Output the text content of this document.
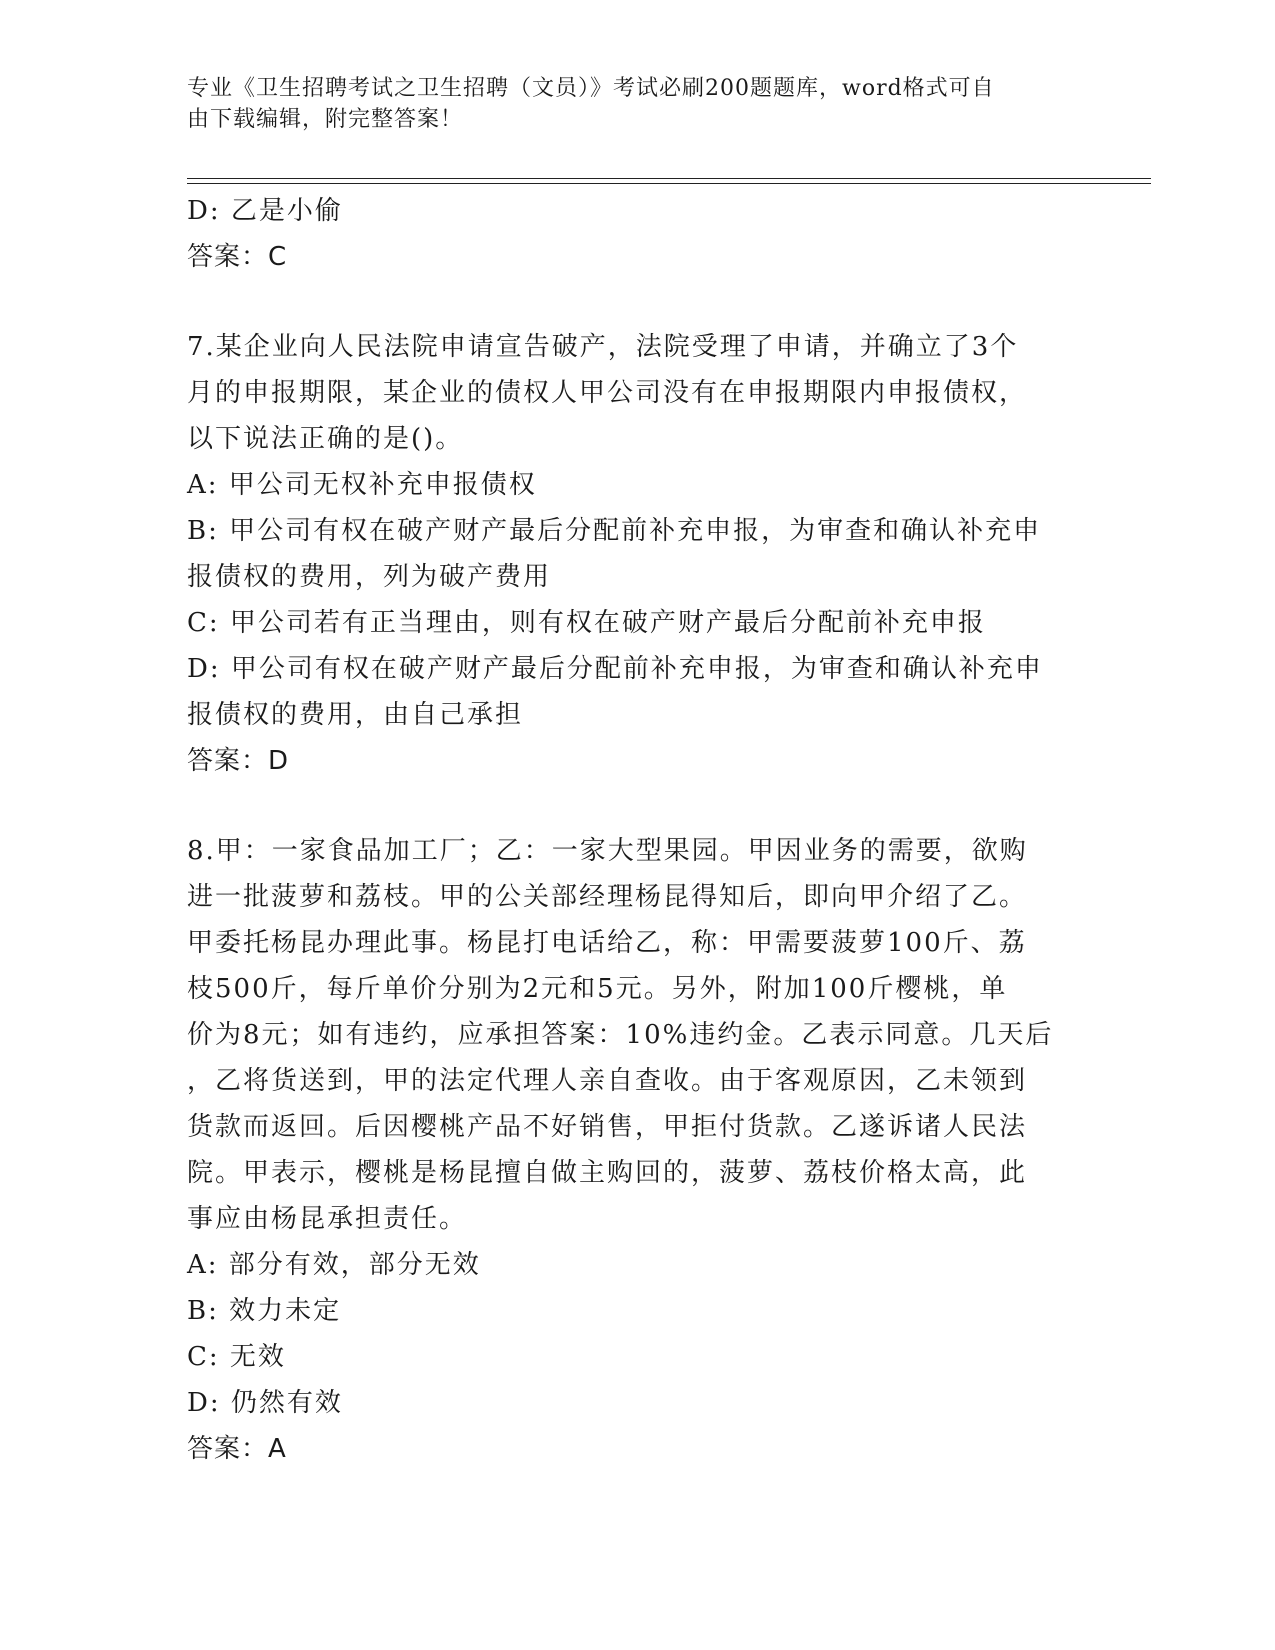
专业《卫生招聘考试之卫生招聘（文员）》考试必刷200题题库，word格式可自
由下载编辑，附完整答案！
D: 乙是小偷
答案：C
7.某企业向人民法院申请宣告破产，法院受理了申请，并确立了3个
月的申报期限，某企业的债权人甲公司没有在申报期限内申报债权，
以下说法正确的是()。
A: 甲公司无权补充申报债权
B: 甲公司有权在破产财产最后分配前补充申报，为审查和确认补充申
报债权的费用，列为破产费用
C: 甲公司若有正当理由，则有权在破产财产最后分配前补充申报
D: 甲公司有权在破产财产最后分配前补充申报，为审查和确认补充申
报债权的费用，由自己承担
答案：D
8.甲：一家食品加工厂；乙：一家大型果园。甲因业务的需要，欲购
进一批菠萝和荔枝。甲的公关部经理杨昆得知后，即向甲介绍了乙。
甲委托杨昆办理此事。杨昆打电话给乙，称：甲需要菠萝100斤、荔
枝500斤，每斤单价分别为2元和5元。另外，附加100斤樱桃，单
价为8元；如有违约，应承担答案：10%违约金。乙表示同意。几天后
，乙将货送到，甲的法定代理人亲自查收。由于客观原因，乙未领到
货款而返回。后因樱桃产品不好销售，甲拒付货款。乙遂诉诸人民法
院。甲表示，樱桃是杨昆擅自做主购回的，菠萝、荔枝价格太高，此
事应由杨昆承担责任。
A: 部分有效，部分无效
B: 效力未定
C: 无效
D: 仍然有效
答案：A
